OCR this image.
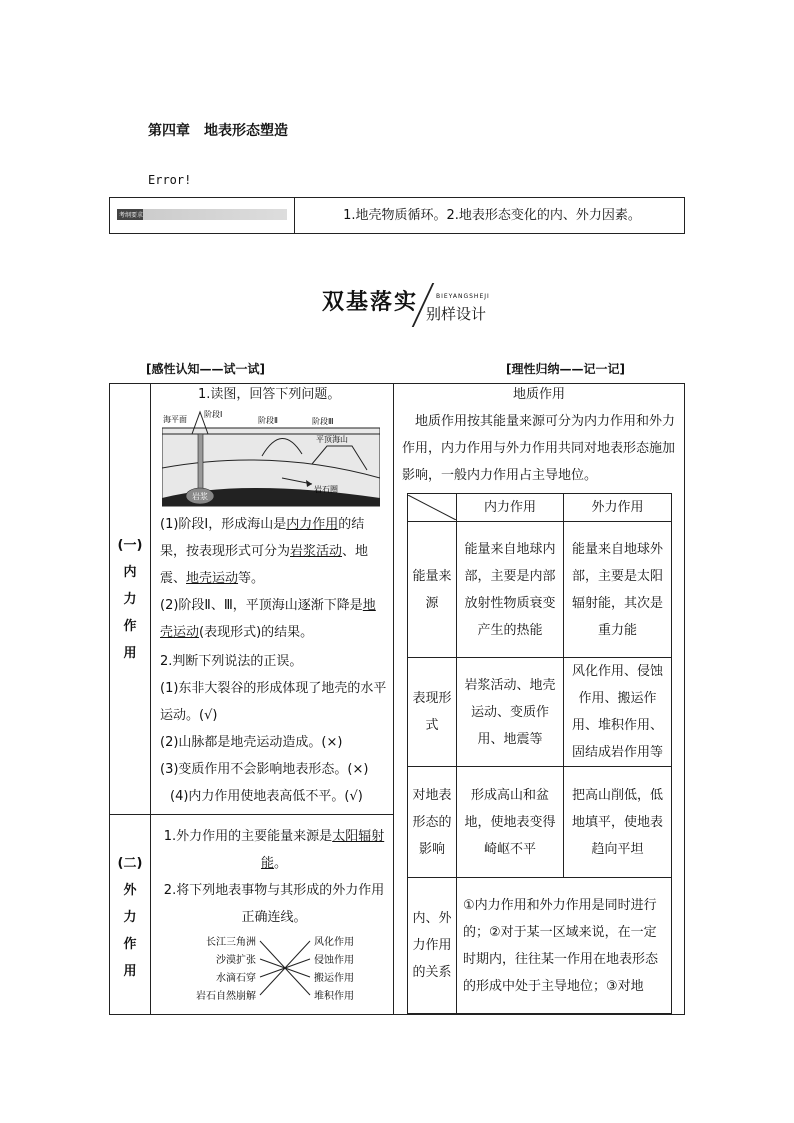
第四章　地表形态塑造
Error!
考纲要求	1.地壳物质循环。2.地表形态变化的内、外力因素。
双基落实	BIEYANGSHEJI
别样设计
[感性认知——试一试]	[理性归纳——记一记]
(一)
内
力
作
用
1.读图，回答下列问题。
海平面
阶段Ⅰ
阶段Ⅱ	阶段Ⅲ
平顶海山
岩石圈
岩浆
(1)阶段Ⅰ，形成海山是内力作用的结果，按表现形式可分为岩浆活动、地震、地壳运动等。
(2)阶段Ⅱ、Ⅲ，平顶海山逐渐下降是地壳运动(表现形式)的结果。
2.判断下列说法的正误。
(1)东非大裂谷的形成体现了地壳的水平运动。(√)
(2)山脉都是地壳运动造成。(×)
(3)变质作用不会影响地表形态。(×)
(4)内力作用使地表高低不平。(√)
(二)
外
力
作
用
1.外力作用的主要能量来源是太阳辐射能。
2.将下列地表事物与其形成的外力作用正确连线。
长江三角洲
沙漠扩张
水滴石穿
岩石自然崩解
风化作用
侵蚀作用
搬运作用
堆积作用
地质作用
地质作用按其能量来源可分为内力作用和外力作用，内力作用与外力作用共同对地表形态施加影响，一般内力作用占主导地位。
	内力作用	外力作用
能量来源	能量来自地球内部，主要是内部放射性物质衰变产生的热能	能量来自地球外部，主要是太阳辐射能，其次是重力能
表现形式	岩浆活动、地壳运动、变质作用、地震等	风化作用、侵蚀作用、搬运作用、堆积作用、固结成岩作用等
对地表形态的影响	形成高山和盆地，使地表变得崎岖不平	把高山削低，低地填平，使地表趋向平坦
内、外力作用的关系	①内力作用和外力作用是同时进行的；②对于某一区域来说，在一定时期内，往往某一作用在地表形态的形成中处于主导地位；③对地	
